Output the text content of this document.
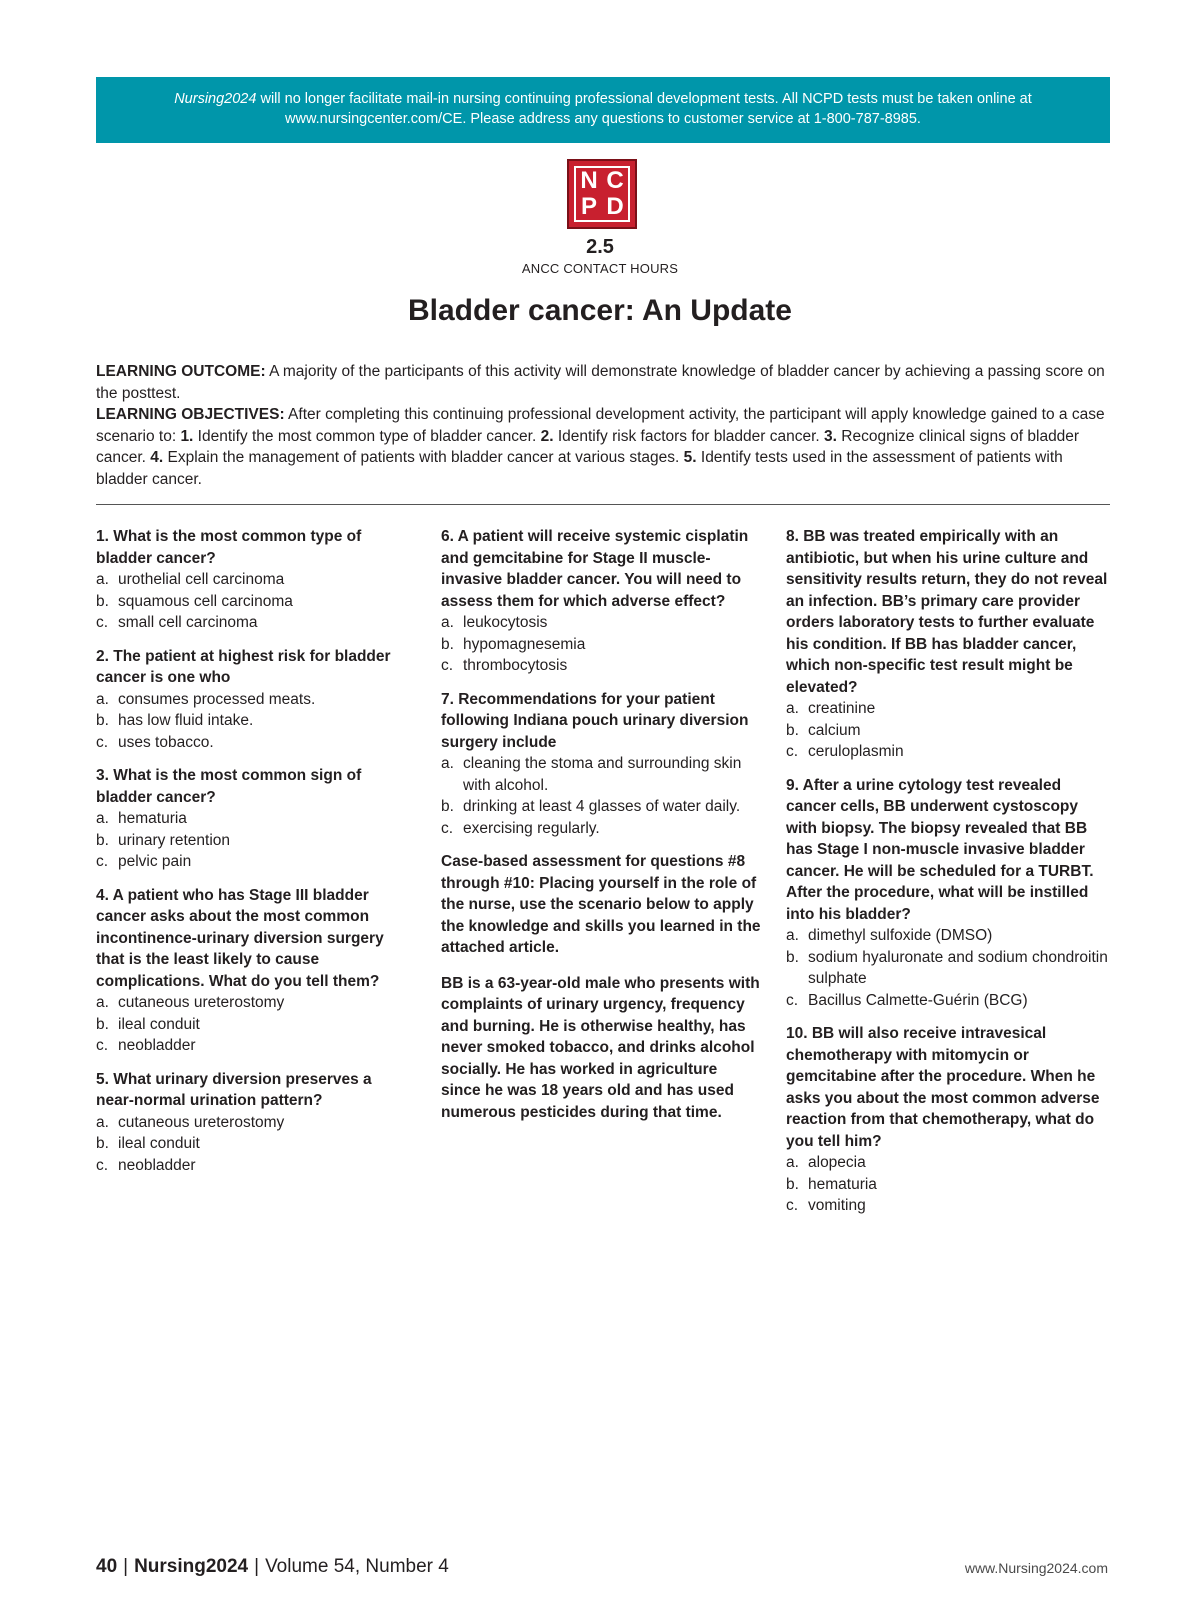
Nursing2024 will no longer facilitate mail-in nursing continuing professional development tests. All NCPD tests must be taken online at
www.nursingcenter.com/CE. Please address any questions to customer service at 1-800-787-8985.
N C
P D
2.5
ANCC CONTACT HOURS
Bladder cancer: An Update

LEARNING OUTCOME: A majority of the participants of this activity will demonstrate knowledge of bladder cancer by achieving a passing score on the posttest.

LEARNING OBJECTIVES: After completing this continuing professional development activity, the participant will apply knowledge gained to a case scenario to: 1. Identify the most common type of bladder cancer. 2. Identify risk factors for bladder cancer. 3. Recognize clinical signs of bladder cancer. 4. Explain the management of patients with bladder cancer at various stages. 5. Identify tests used in the assessment of patients with bladder cancer.

1. What is the most common type of bladder cancer?

a. urothelial cell carcinoma
b. squamous cell carcinoma
c. small cell carcinoma

2. The patient at highest risk for bladder cancer is one who

a. consumes processed meats.
b. has low fluid intake.
c. uses tobacco.

3. What is the most common sign of bladder cancer?

a. hematuria
b. urinary retention
c. pelvic pain

4. A patient who has Stage III bladder cancer asks about the most common incontinence-urinary diversion surgery that is the least likely to cause complications. What do you tell them?

a. cutaneous ureterostomy
b. ileal conduit
c. neobladder

5. What urinary diversion preserves a near-normal urination pattern?

a. cutaneous ureterostomy
b. ileal conduit
c. neobladder

6. A patient will receive systemic cisplatin and gemcitabine for Stage II muscle-invasive bladder cancer. You will need to assess them for which adverse effect?

a. leukocytosis
b. hypomagnesemia
c. thrombocytosis

7. Recommendations for your patient following Indiana pouch urinary diversion surgery include

a. cleaning the stoma and surrounding skin with alcohol.
b. drinking at least 4 glasses of water daily.
c. exercising regularly.

Case-based assessment for questions #8 through #10: Placing yourself in the role of the nurse, use the scenario below to apply the knowledge and skills you learned in the attached article.

BB is a 63-year-old male who presents with complaints of urinary urgency, frequency and burning. He is otherwise healthy, has never smoked tobacco, and drinks alcohol socially. He has worked in agriculture since he was 18 years old and has used numerous pesticides during that time.

8. BB was treated empirically with an antibiotic, but when his urine culture and sensitivity results return, they do not reveal an infection. BB’s primary care provider orders laboratory tests to further evaluate his condition. If BB has bladder cancer, which non-specific test result might be elevated?

a. creatinine
b. calcium
c. ceruloplasmin

9. After a urine cytology test revealed cancer cells, BB underwent cystoscopy with biopsy. The biopsy revealed that BB has Stage I non-muscle invasive bladder cancer. He will be scheduled for a TURBT. After the procedure, what will be instilled into his bladder?

a. dimethyl sulfoxide (DMSO)
b. sodium hyaluronate and sodium chondroitin sulphate
c. Bacillus Calmette-Guérin (BCG)

10. BB will also receive intravesical chemotherapy with mitomycin or gemcitabine after the procedure. When he asks you about the most common adverse reaction from that chemotherapy, what do you tell him?

a. alopecia
b. hematuria
c. vomiting
40 | Nursing2024 | Volume 54, Number 4	www.Nursing2024.com
